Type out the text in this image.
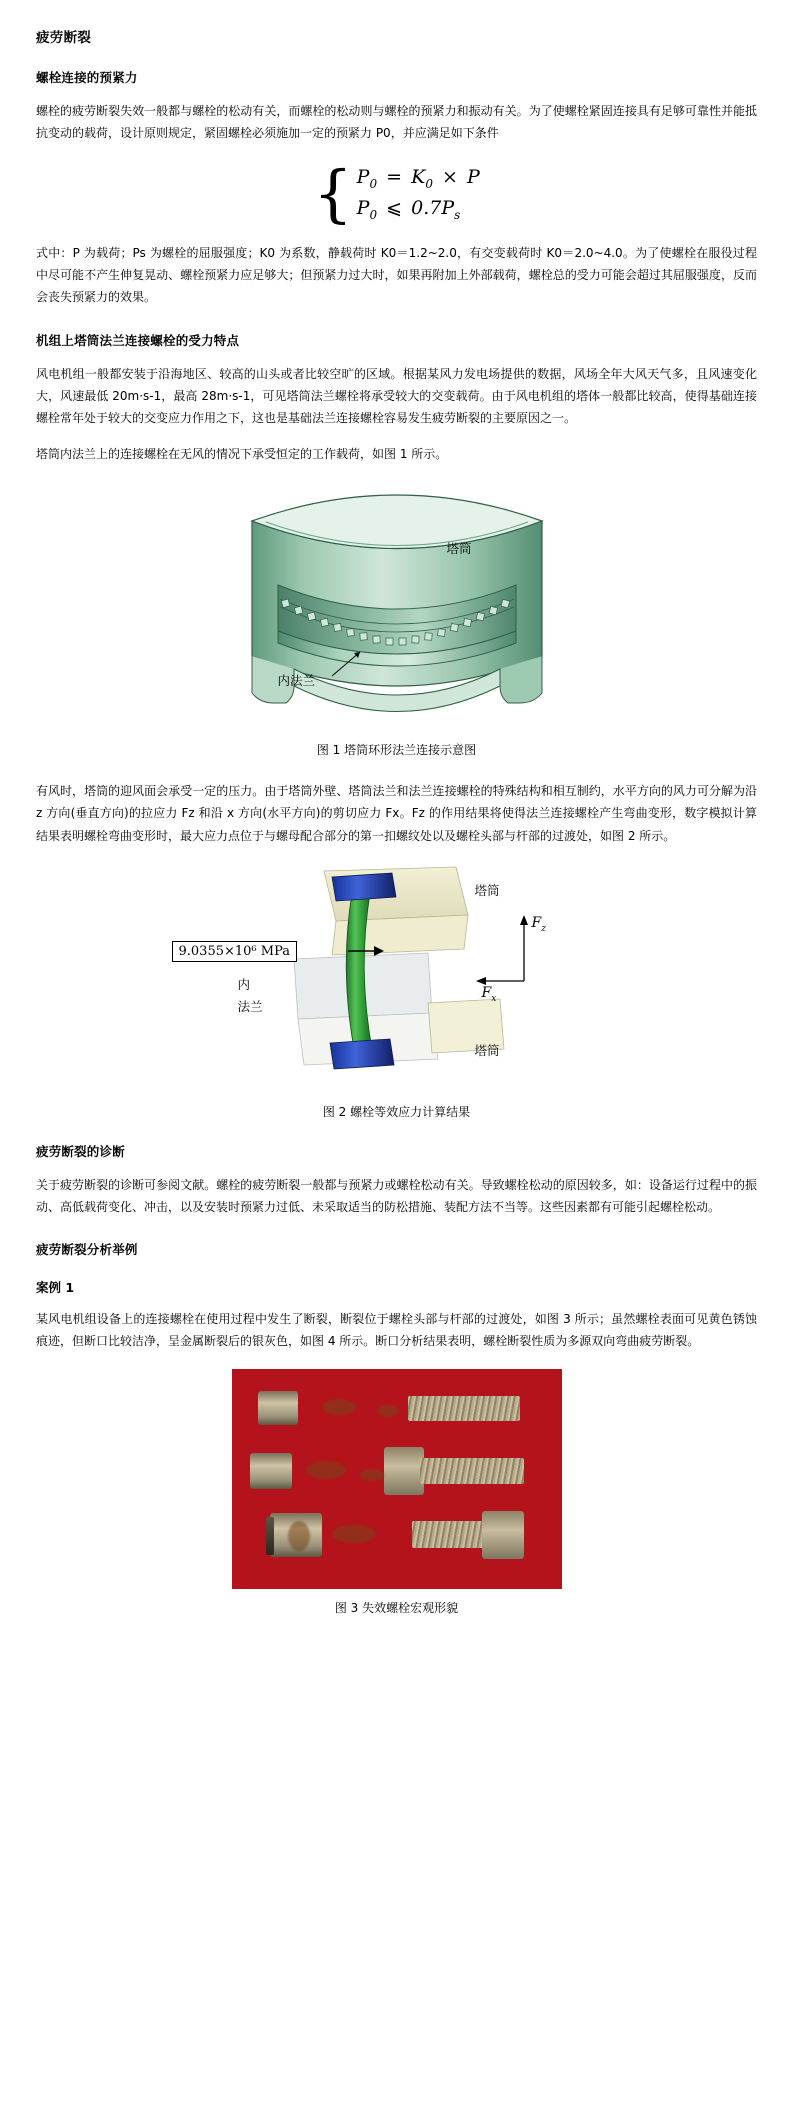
疲劳断裂
螺栓连接的预紧力

螺栓的疲劳断裂失效一般都与螺栓的松动有关，而螺栓的松动则与螺栓的预紧力和振动有关。为了使螺栓紧固连接具有足够可靠性并能抵抗变动的载荷，设计原则规定，紧固螺栓必须施加一定的预紧力 P0，并应满足如下条件

{ $P_0 = K_0 \times P$
$P_0$ ⩽ $0.7P_s$

式中：P 为载荷；Ps 为螺栓的屈服强度；K0 为系数，静载荷时 K0＝1.2~2.0，有交变载荷时 K0＝2.0~4.0。为了使螺栓在服役过程中尽可能不产生伸复晃动、螺栓预紧力应足够大；但预紧力过大时，如果再附加上外部载荷，螺栓总的受力可能会超过其屈服强度，反而会丧失预紧力的效果。

机组上塔筒法兰连接螺栓的受力特点

风电机组一般都安装于沿海地区、较高的山头或者比较空旷的区域。根据某风力发电场提供的数据，风场全年大风天气多，且风速变化大，风速最低 20m·s-1，最高 28m·s-1，可见塔筒法兰螺栓将承受较大的交变载荷。由于风电机组的塔体一般都比较高，使得基础连接螺栓常年处于较大的交变应力作用之下，这也是基础法兰连接螺栓容易发生疲劳断裂的主要原因之一。

塔筒内法兰上的连接螺栓在无风的情况下承受恒定的工作载荷，如图 1 所示。

塔筒
内法兰
图 1 塔筒环形法兰连接示意图

有风时，塔筒的迎风面会承受一定的压力。由于塔筒外壁、塔筒法兰和法兰连接螺栓的特殊结构和相互制约，水平方向的风力可分解为沿 z 方向(垂直方向)的拉应力 Fz 和沿 x 方向(水平方向)的剪切应力 Fx。Fz 的作用结果将使得法兰连接螺栓产生弯曲变形，数字模拟计算结果表明螺栓弯曲变形时，最大应力点位于与螺母配合部分的第一扣螺纹处以及螺栓头部与杆部的过渡处，如图 2 所示。

9.0355×10⁶ MPa
塔筒
塔筒
内
法兰
$F_z$
$F_x$
图 2 螺栓等效应力计算结果
疲劳断裂的诊断

关于疲劳断裂的诊断可参阅文献。螺栓的疲劳断裂一般都与预紧力或螺栓松动有关。导致螺栓松动的原因较多，如：设备运行过程中的振动、高低载荷变化、冲击，以及安装时预紧力过低、未采取适当的防松措施、装配方法不当等。这些因素都有可能引起螺栓松动。

疲劳断裂分析举例
案例 1

某风电机组设备上的连接螺栓在使用过程中发生了断裂，断裂位于螺栓头部与杆部的过渡处，如图 3 所示；虽然螺栓表面可见黄色锈蚀痕迹，但断口比较洁净，呈金属断裂后的银灰色，如图 4 所示。断口分析结果表明，螺栓断裂性质为多源双向弯曲疲劳断裂。

图 3 失效螺栓宏观形貌
